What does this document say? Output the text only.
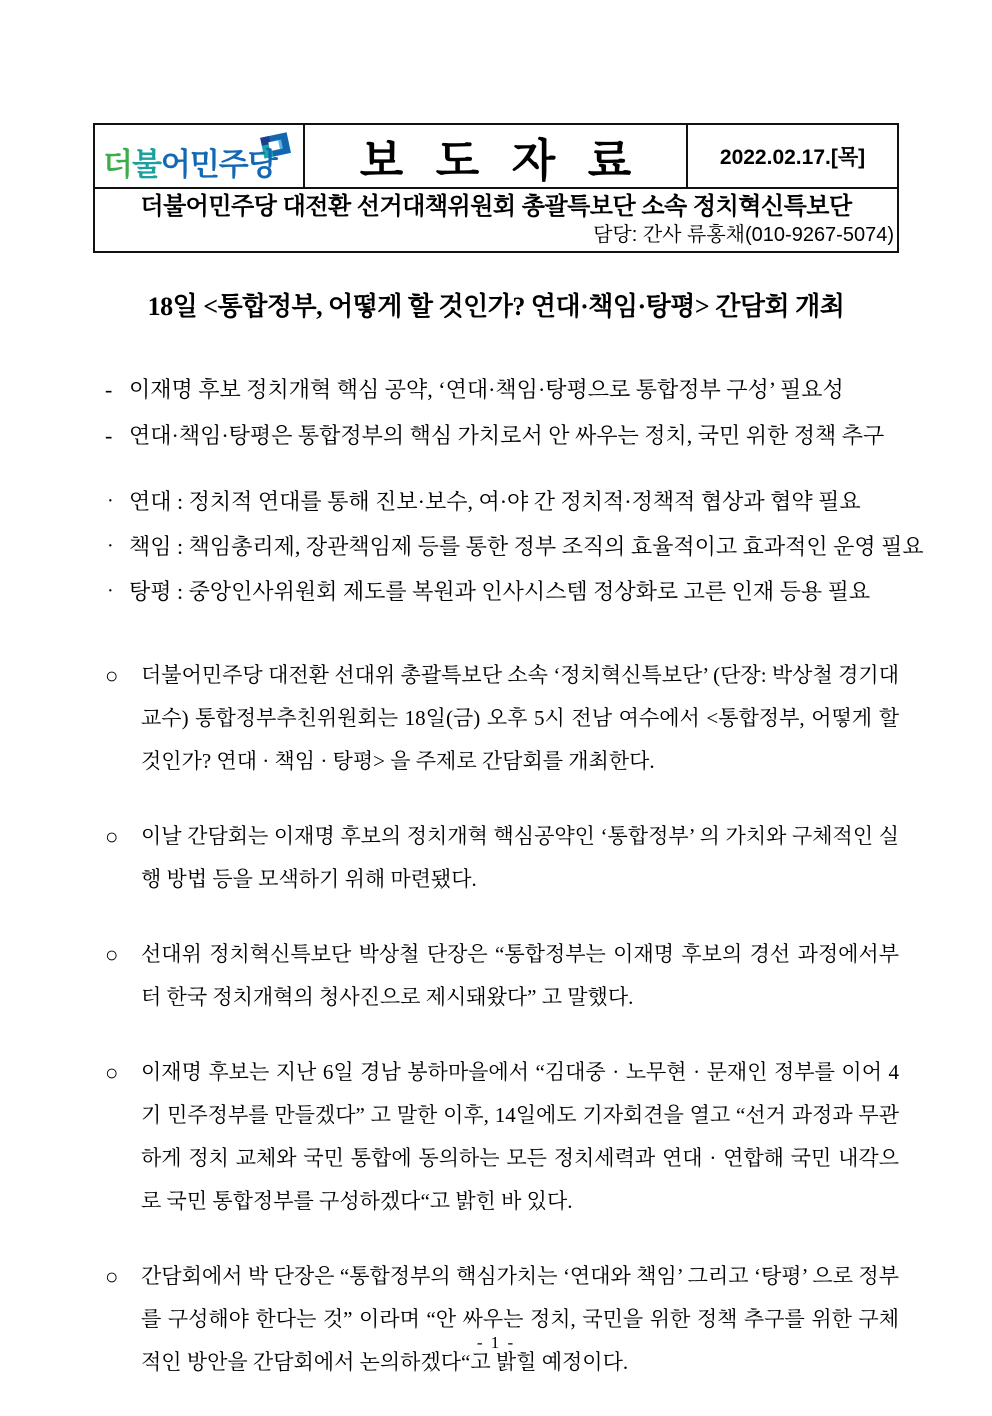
더불어민주당	보 도 자 료	2022.02.17.[목]
더불어민주당 대전환 선거대책위원회 총괄특보단 소속 정치혁신특보단
담당: 간사 류홍채(010-9267-5074)
18일 <통합정부, 어떻게 할 것인가? 연대·책임·탕평> 간담회 개최
- 이재명 후보 정치개혁 핵심 공약, ‘연대·책임·탕평으로 통합정부 구성’ 필요성
- 연대·책임·탕평은 통합정부의 핵심 가치로서 안 싸우는 정치, 국민 위한 정책 추구
· 연대 : 정치적 연대를 통해 진보·보수, 여·야 간 정치적·정책적 협상과 협약 필요
· 책임 : 책임총리제, 장관책임제 등를 통한 정부 조직의 효율적이고 효과적인 운영 필요
· 탕평 : 중앙인사위원회 제도를 복원과 인사시스템 정상화로 고른 인재 등용 필요

○ 더불어민주당 대전환 선대위 총괄특보단 소속 ‘정치혁신특보단’ (단장: 박상철 경기대교수) 통합정부추친위원회는 18일(금) 오후 5시 전남 여수에서 <통합정부, 어떻게 할 것인가? 연대 · 책임 · 탕평> 을 주제로 간담회를 개최한다.

○ 이날 간담회는 이재명 후보의 정치개혁 핵심공약인 ‘통합정부’ 의 가치와 구체적인 실행 방법 등을 모색하기 위해 마련됐다.

○ 선대위 정치혁신특보단 박상철 단장은 “통합정부는 이재명 후보의 경선 과정에서부터 한국 정치개혁의 청사진으로 제시돼왔다” 고 말했다.

○ 이재명 후보는 지난 6일 경남 봉하마을에서 “김대중 · 노무현 · 문재인 정부를 이어 4기 민주정부를 만들겠다” 고 말한 이후, 14일에도 기자회견을 열고 “선거 과정과 무관하게 정치 교체와 국민 통합에 동의하는 모든 정치세력과 연대 · 연합해 국민 내각으로 국민 통합정부를 구성하겠다“고 밝힌 바 있다.

○ 간담회에서 박 단장은 “통합정부의 핵심가치는 ‘연대와 책임’ 그리고 ‘탕평’ 으로 정부를 구성해야 한다는 것” 이라며 “안 싸우는 정치, 국민을 위한 정책 추구를 위한 구체적인 방안을 간담회에서 논의하겠다“고 밝힐 예정이다.

- 1 -
